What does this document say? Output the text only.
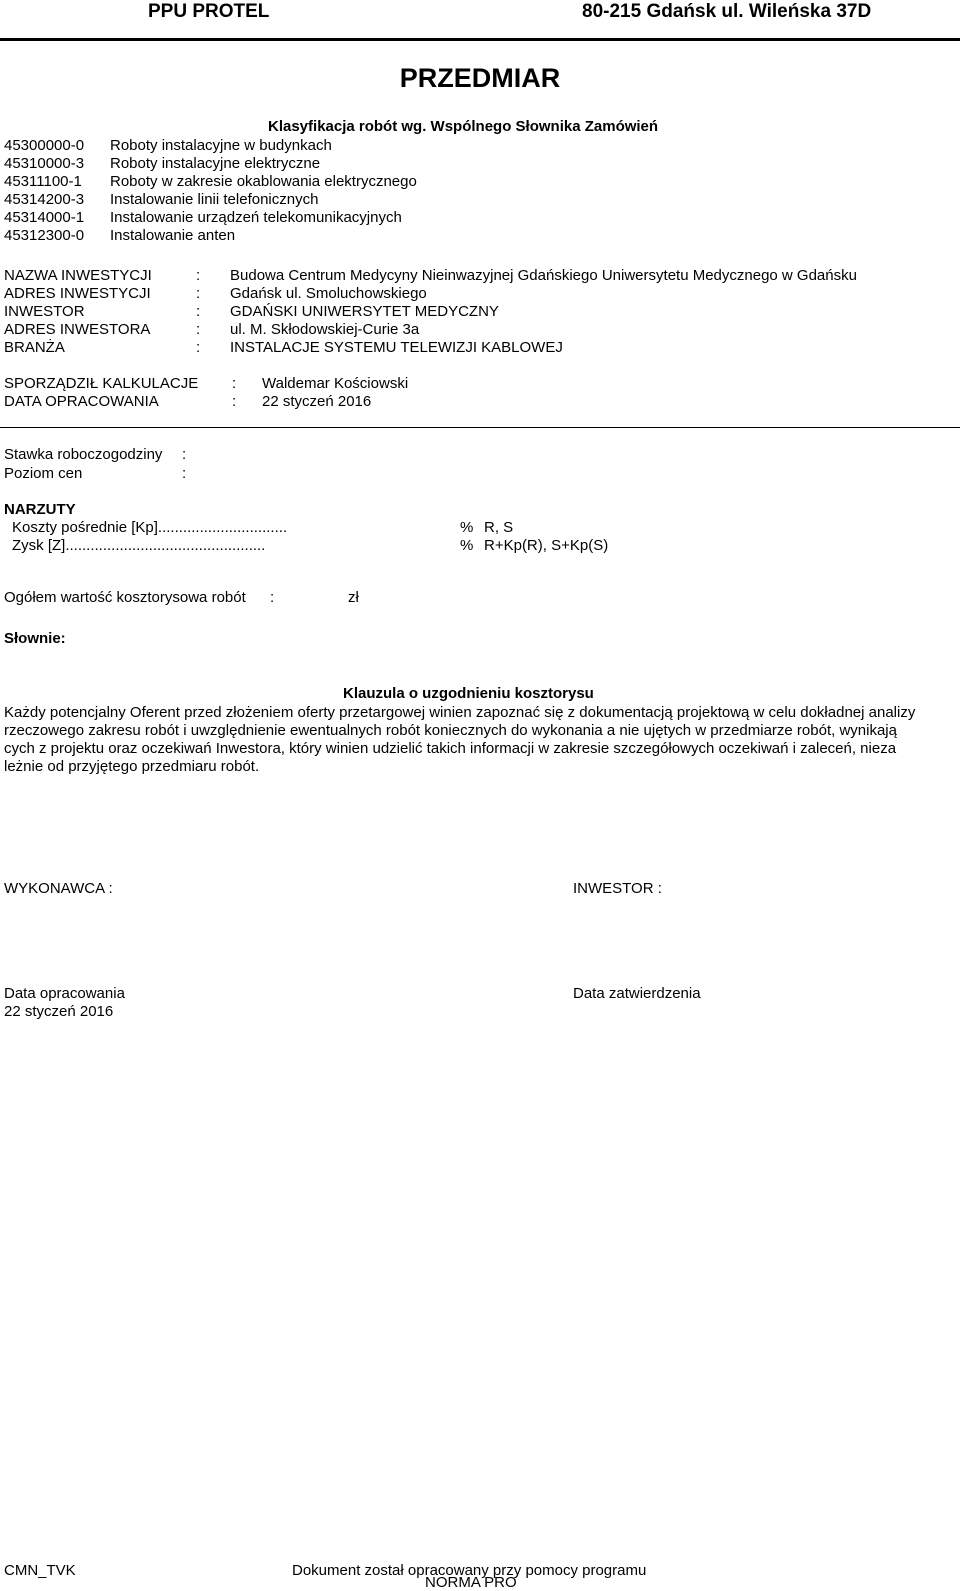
PPU PROTEL	80-215 Gdańsk ul. Wileńska 37D
PRZEDMIAR
Klasyfikacja robót wg. Wspólnego Słownika Zamówień
45300000-0 Roboty instalacyjne w budynkach
45310000-3 Roboty instalacyjne elektryczne
45311100-1 Roboty w zakresie okablowania elektrycznego
45314200-3 Instalowanie linii telefonicznych
45314000-1 Instalowanie urządzeń telekomunikacyjnych
45312300-0 Instalowanie anten
NAZWA INWESTYCJI	: Budowa Centrum Medycyny Nieinwazyjnej Gdańskiego Uniwersytetu Medycznego w Gdańsku
ADRES INWESTYCJI	: Gdańsk ul. Smoluchowskiego
INWESTOR	: GDAŃSKI UNIWERSYTET MEDYCZNY
ADRES INWESTORA	: ul. M. Skłodowskiej-Curie 3a
BRANŻA	: INSTALACJE SYSTEMU TELEWIZJI KABLOWEJ
SPORZĄDZIŁ KALKULACJE : Waldemar Kościowski
DATA OPRACOWANIA	: 22 styczeń 2016
Stawka roboczogodziny :
Poziom cen	:
NARZUTY
Koszty pośrednie [Kp]...............................	% R, S
Zysk [Z]................................................	% R+Kp(R), S+Kp(S)
Ogółem wartość kosztorysowa robót :	zł
Słownie:
Klauzula o uzgodnieniu kosztorysu
Każdy potencjalny Oferent przed złożeniem oferty przetargowej winien zapoznać się z dokumentacją projektową w celu dokładnej analizy
rzeczowego zakresu robót i uwzględnienie ewentualnych robót koniecznych do wykonania a nie ujętych w przedmiarze robót, wynikają
cych z projektu oraz oczekiwań Inwestora, który winien udzielić takich informacji w zakresie szczegółowych oczekiwań i zaleceń, nieza
leżnie od przyjętego przedmiaru robót.
WYKONAWCA :	INWESTOR :
Data opracowania
22 styczeń 2016
Data zatwierdzenia
CMN_TVK	Dokument został opracowany przy pomocy programu
NORMA PRO
